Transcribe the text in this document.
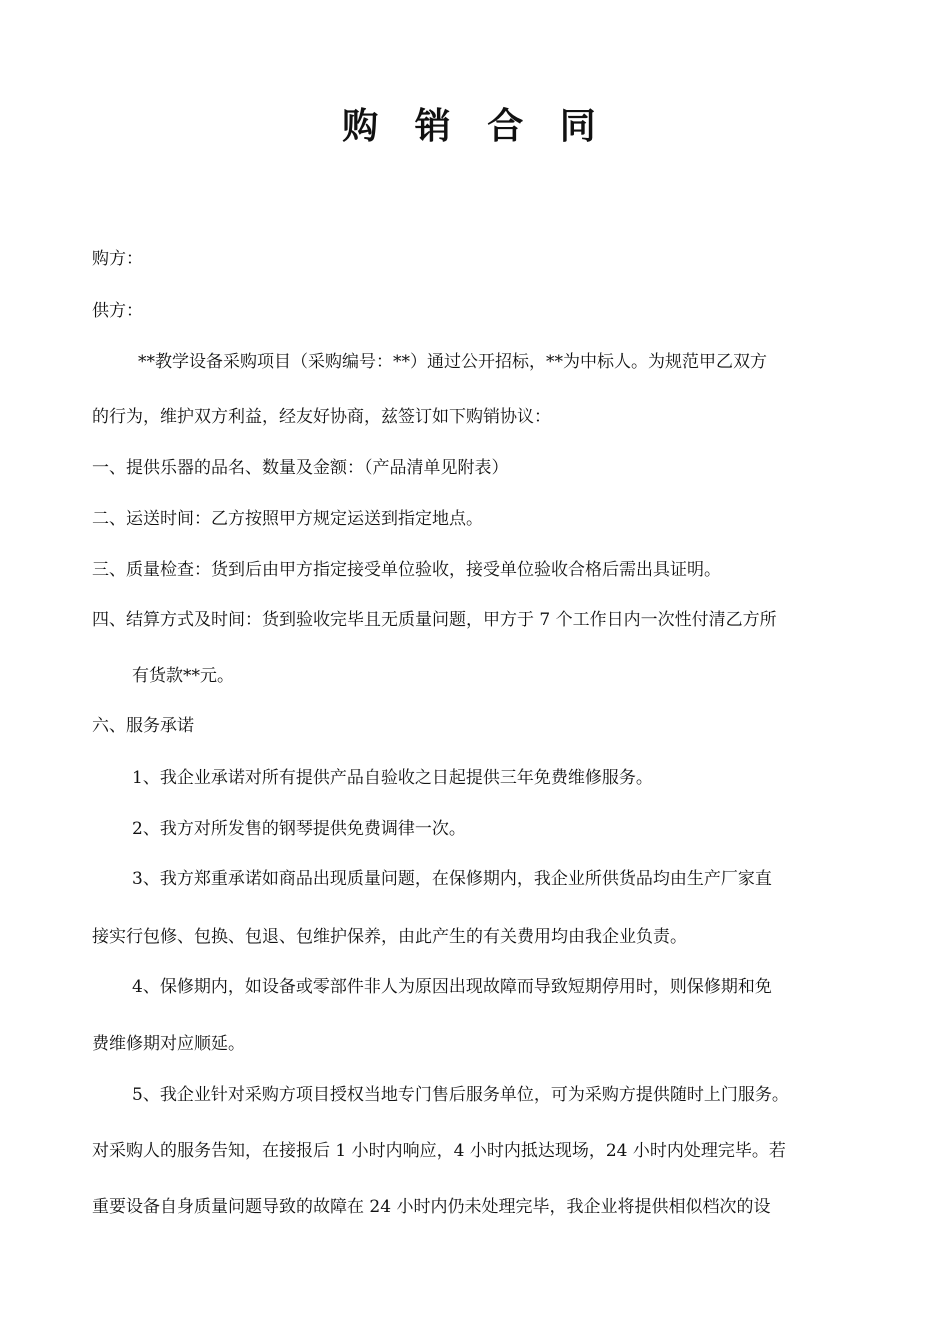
购 销 合 同

购方：

供方：

**教学设备采购项目（采购编号：**）通过公开招标，**为中标人。为规范甲乙双方

的行为，维护双方利益，经友好协商，兹签订如下购销协议：

一、提供乐器的品名、数量及金额：（产品清单见附表）

二、运送时间：乙方按照甲方规定运送到指定地点。

三、质量检查：货到后由甲方指定接受单位验收，接受单位验收合格后需出具证明。

四、结算方式及时间：货到验收完毕且无质量问题，甲方于 7 个工作日内一次性付清乙方所

有货款**元。

六、服务承诺

1、我企业承诺对所有提供产品自验收之日起提供三年免费维修服务。

2、我方对所发售的钢琴提供免费调律一次。

3、我方郑重承诺如商品出现质量问题，在保修期内，我企业所供货品均由生产厂家直

接实行包修、包换、包退、包维护保养，由此产生的有关费用均由我企业负责。

4、保修期内，如设备或零部件非人为原因出现故障而导致短期停用时，则保修期和免

费维修期对应顺延。

5、我企业针对采购方项目授权当地专门售后服务单位，可为采购方提供随时上门服务。

对采购人的服务告知，在接报后 1 小时内响应，4 小时内抵达现场，24 小时内处理完毕。若

重要设备自身质量问题导致的故障在 24 小时内仍未处理完毕，我企业将提供相似档次的设
